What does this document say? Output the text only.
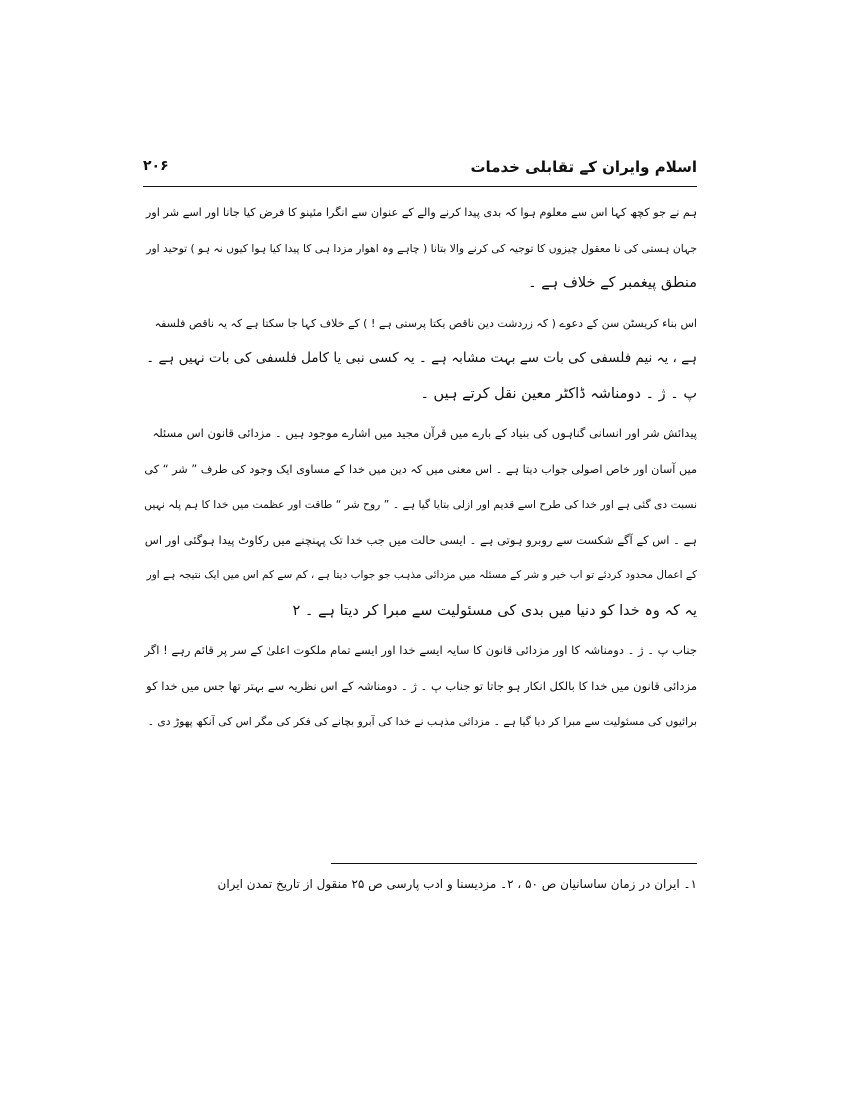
۲۰۶	اسلام وایران کے تقابلی خدمات
ہم نے جو کچھ کہا اس سے معلوم ہوا کہ بدی پیدا کرنے والے کے عنوان سے انگرا مئینو کا فرض کیا جانا اور اسے شر اور
جہان ہستی کی نا معقول چیزوں کا توجیہ کی کرنے والا بتانا ( چاہے وہ اھوار مزدا ہی کا پیدا کیا ہوا کیوں نہ ہو ) توحید اور
منطق پیغمبر کے خلاف ہے ۔
اس بناء کریسٹن سن کے دعوے ( کہ زردشت دین ناقص یکتا پرستی ہے ! ) کے خلاف کہا جا سکتا ہے کہ یہ ناقص فلسفہ
ہے ، یہ نیم فلسفی کی بات سے بہت مشابہ ہے ۔ یہ کسی نبی یا کامل فلسفی کی بات نہیں ہے ۔
پ ۔ ژ ۔ دومناشہ ڈاکٹر معین نقل کرتے ہیں ۔
پیدائش شر اور انسانی گناہوں کی بنیاد کے بارے میں قرآن مجید میں اشارے موجود ہیں ۔ مزدائی قانون اس مسئلہ
میں آسان اور خاص اصولی جواب دیتا ہے ۔ اس معنی میں کہ دین میں خدا کے مساوی ایک وجود کی طرف ” شر “ کی
نسبت دی گئی ہے اور خدا کی طرح اسے قدیم اور ازلی بتایا گیا ہے ۔ ” روح شر “ طاقت اور عظمت میں خدا کا ہم پلہ نہیں
ہے ۔ اس کے آگے شکست سے روبرو ہوتی ہے ۔ ایسی حالت میں جب خدا تک پہنچنے میں رکاوٹ پیدا ہوگئی اور اس
کے اعمال محدود کردئے تو اب خیر و شر کے مسئلہ میں مزدائی مذہب جو جواب دیتا ہے ، کم سے کم اس میں ایک نتیجہ ہے اور
یہ کہ وہ خدا کو دنیا میں بدی کی مسئولیت سے مبرا کر دیتا ہے ۔ ۲
جناب پ ۔ ژ ۔ دومناشہ کا اور مزدائی قانون کا سایہ ایسے خدا اور ایسے تمام ملکوت اعلیٰ کے سر پر قائم رہے ! اگر
مزدائی قانون میں خدا کا بالکل انکار ہو جاتا تو جناب پ ۔ ژ ۔ دومناشہ کے اس نظریہ سے بہتر تھا جس میں خدا کو
برائیوں کی مسئولیت سے مبرا کر دیا گیا ہے ۔ مزدائی مذہب نے خدا کی آبرو بچانے کی فکر کی مگر اس کی آنکھ پھوڑ دی ۔
۱۔ ایران در زمان ساسانیان ص ۵۰ ، ۲۔ مزدیسنا و ادب پارسی ص ۲۵ منقول از تاریخ تمدن ایران
